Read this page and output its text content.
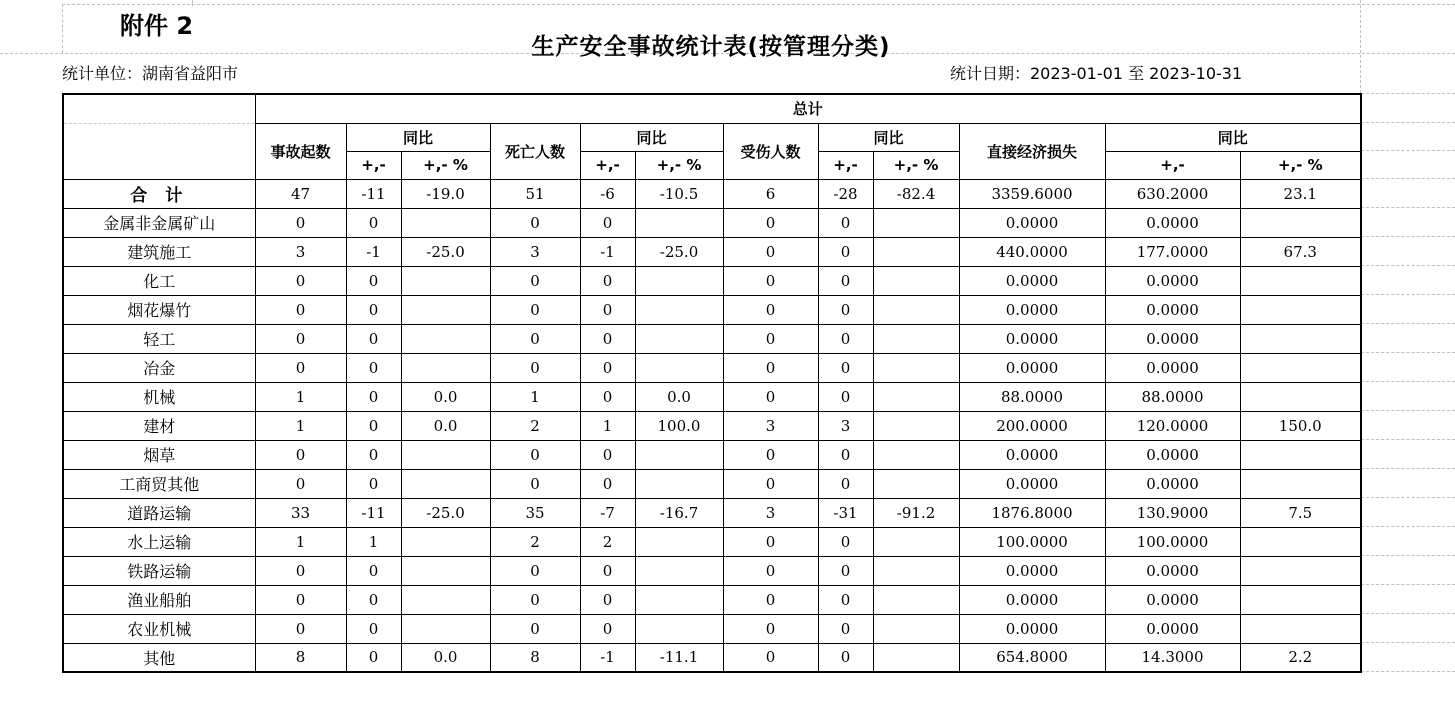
附件 2
生产安全事故统计表(按管理分类)
统计单位：湖南省益阳市	统计日期：2023-01-01 至 2023-10-31
	总计											
	事故起数	同比		死亡人数	同比		受伤人数	同比		直接经济损失	同比	
		+,-	+,- %		+,-	+,- %		+,-	+,- %		+,-	+,- %
合 计	47	-11	-19.0	51	-6	-10.5	6	-28	-82.4	3359.6000	630.2000	23.1
金属非金属矿山	0	0		0	0		0	0		0.0000	0.0000	
建筑施工	3	-1	-25.0	3	-1	-25.0	0	0		440.0000	177.0000	67.3
化工	0	0		0	0		0	0		0.0000	0.0000	
烟花爆竹	0	0		0	0		0	0		0.0000	0.0000	
轻工	0	0		0	0		0	0		0.0000	0.0000	
冶金	0	0		0	0		0	0		0.0000	0.0000	
机械	1	0	0.0	1	0	0.0	0	0		88.0000	88.0000	
建材	1	0	0.0	2	1	100.0	3	3		200.0000	120.0000	150.0
烟草	0	0		0	0		0	0		0.0000	0.0000	
工商贸其他	0	0		0	0		0	0		0.0000	0.0000	
道路运输	33	-11	-25.0	35	-7	-16.7	3	-31	-91.2	1876.8000	130.9000	7.5
水上运输	1	1		2	2		0	0		100.0000	100.0000	
铁路运输	0	0		0	0		0	0		0.0000	0.0000	
渔业船舶	0	0		0	0		0	0		0.0000	0.0000	
农业机械	0	0		0	0		0	0		0.0000	0.0000	
其他	8	0	0.0	8	-1	-11.1	0	0		654.8000	14.3000	2.2
